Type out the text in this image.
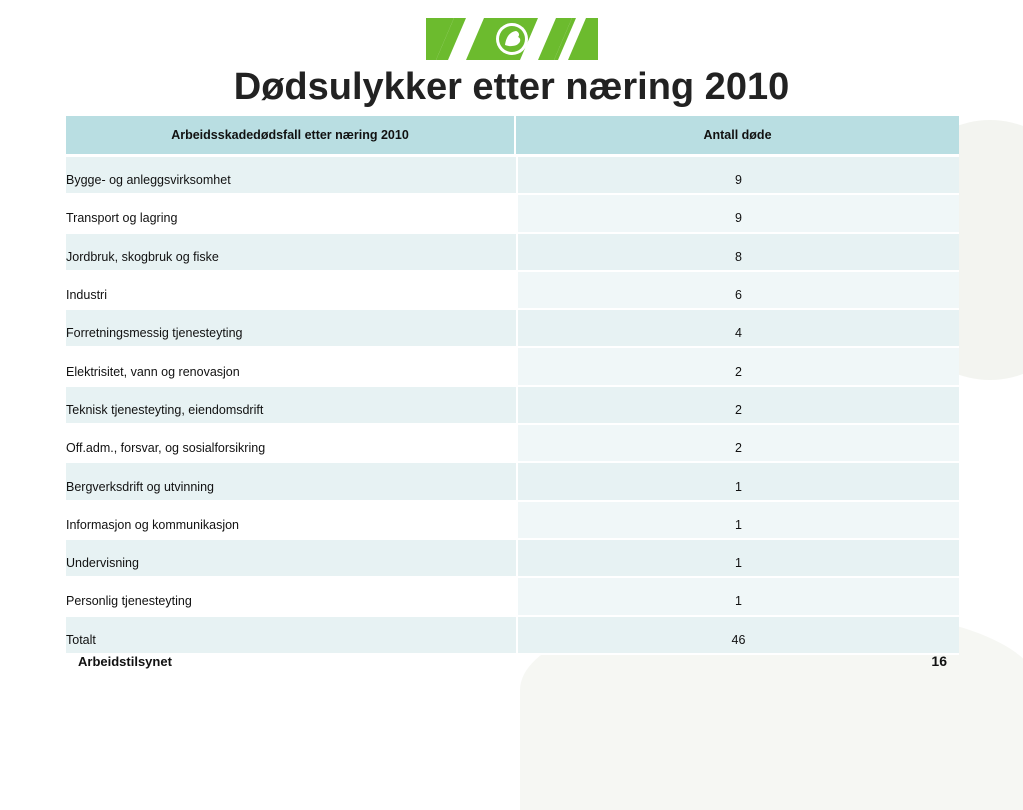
Dødsulykker etter næring 2010
Arbeidsskadedødsfall etter næring 2010	Antall døde

Bygge- og anleggsvirksomhet	9
Transport og lagring	9
Jordbruk, skogbruk og fiske	8
Industri	6
Forretningsmessig tjenesteyting	4
Elektrisitet, vann og renovasjon	2
Teknisk tjenesteyting, eiendomsdrift	2
Off.adm., forsvar, og sosialforsikring	2
Bergverksdrift og utvinning	1
Informasjon og kommunikasjon	1
Undervisning	1
Personlig tjenesteyting	1
Totalt	46
Arbeidstilsynet	16
